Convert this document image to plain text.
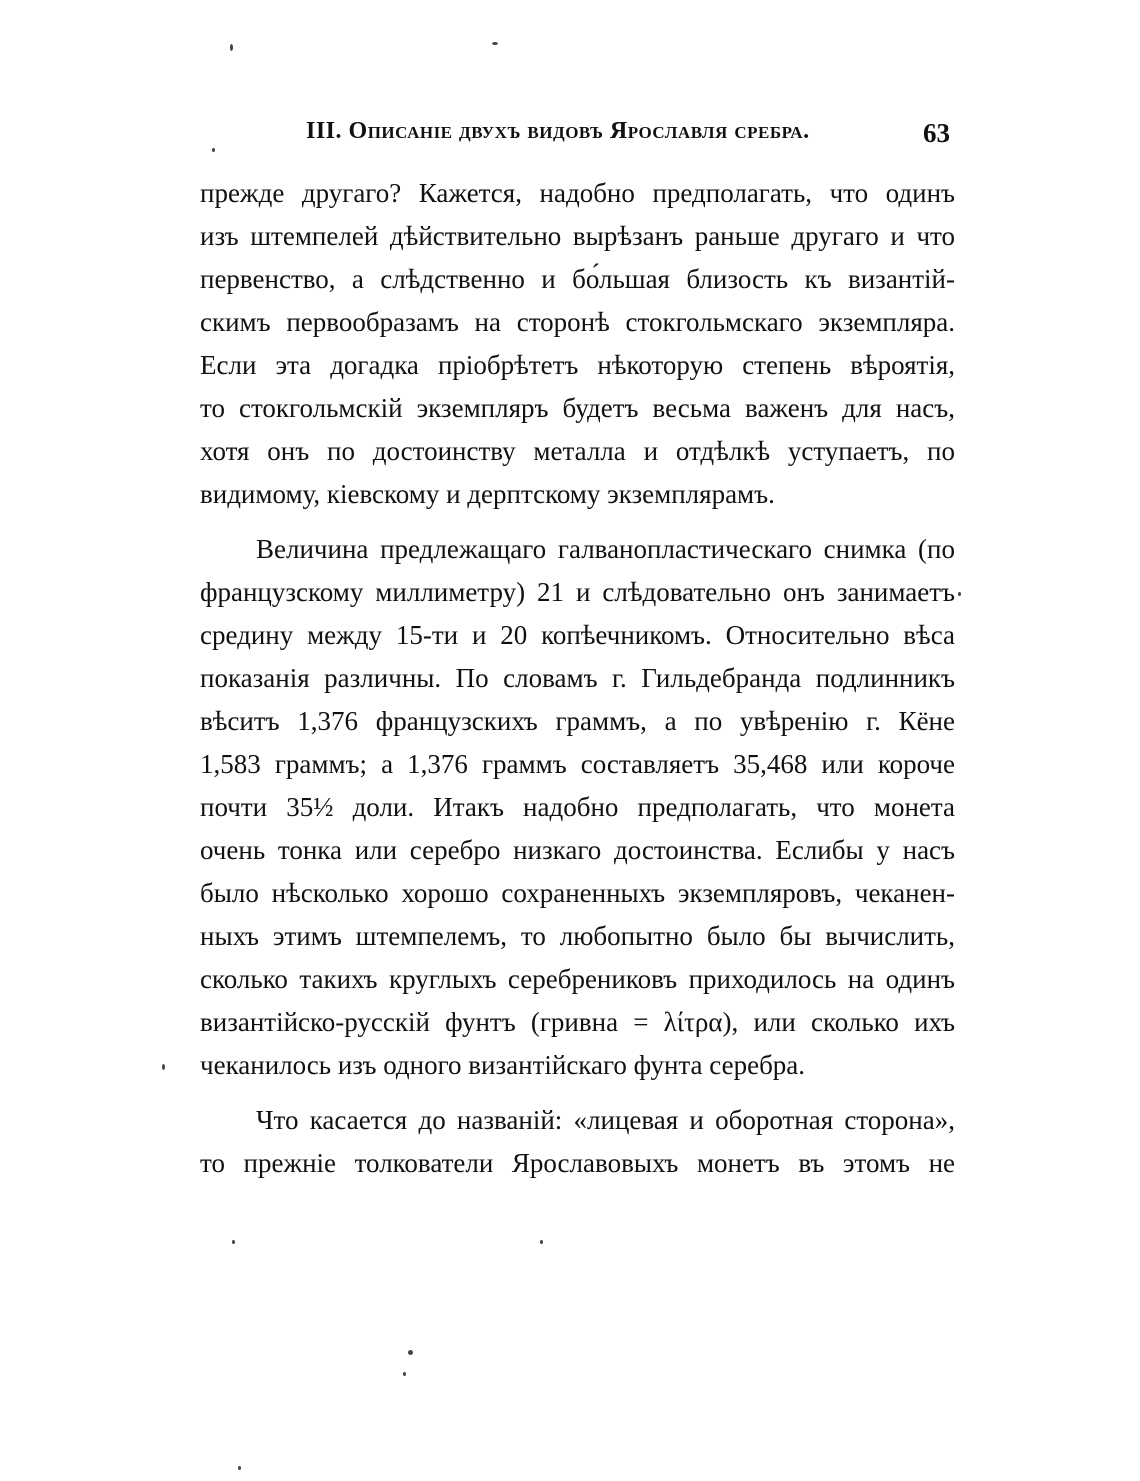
III. Описаніе двухъ видовъ Ярославля сребра.	63
прежде другаго? Кажется, надобно предполагать, что одинъ
изъ штемпелей дѣйствительно вырѣзанъ раньше другаго и что
первенство, а слѣдственно и бо́льшая близость къ византій-
скимъ первообразамъ на сторонѣ стокгольмскаго экземпляра.
Если эта догадка пріобрѣтетъ нѣкоторую степень вѣроятія,
то стокгольмскій экземпляръ будетъ весьма важенъ для насъ,
хотя онъ по достоинству металла и отдѣлкѣ уступаетъ, по
видимому, кіевскому и дерптскому экземплярамъ.
Величина предлежащаго галванопластическаго снимка (по
французскому миллиметру) 21 и слѣдовательно онъ занимаетъ
средину между 15-ти и 20 копѣечникомъ. Относительно вѣса
показанія различны. По словамъ г. Гильдебранда подлинникъ
вѣситъ 1,376 французскихъ граммъ, а по увѣренію г. Кёне
1,583 граммъ; а 1,376 граммъ составляетъ 35,468 или короче
почти 35½ доли. Итакъ надобно предполагать, что монета
очень тонка или серебро низкаго достоинства. Еслибы у насъ
было нѣсколько хорошо сохраненныхъ экземпляровъ, чеканен-
ныхъ этимъ штемпелемъ, то любопытно было бы вычислить,
сколько такихъ круглыхъ серебрениковъ приходилось на одинъ
византійско-русскій фунтъ (гривна = λίτρα), или сколько ихъ
чеканилось изъ одного византійскаго фунта серебра.
Что касается до названій: «лицевая и оборотная сторона»,
то прежніе толкователи Ярославовыхъ монетъ въ этомъ не
